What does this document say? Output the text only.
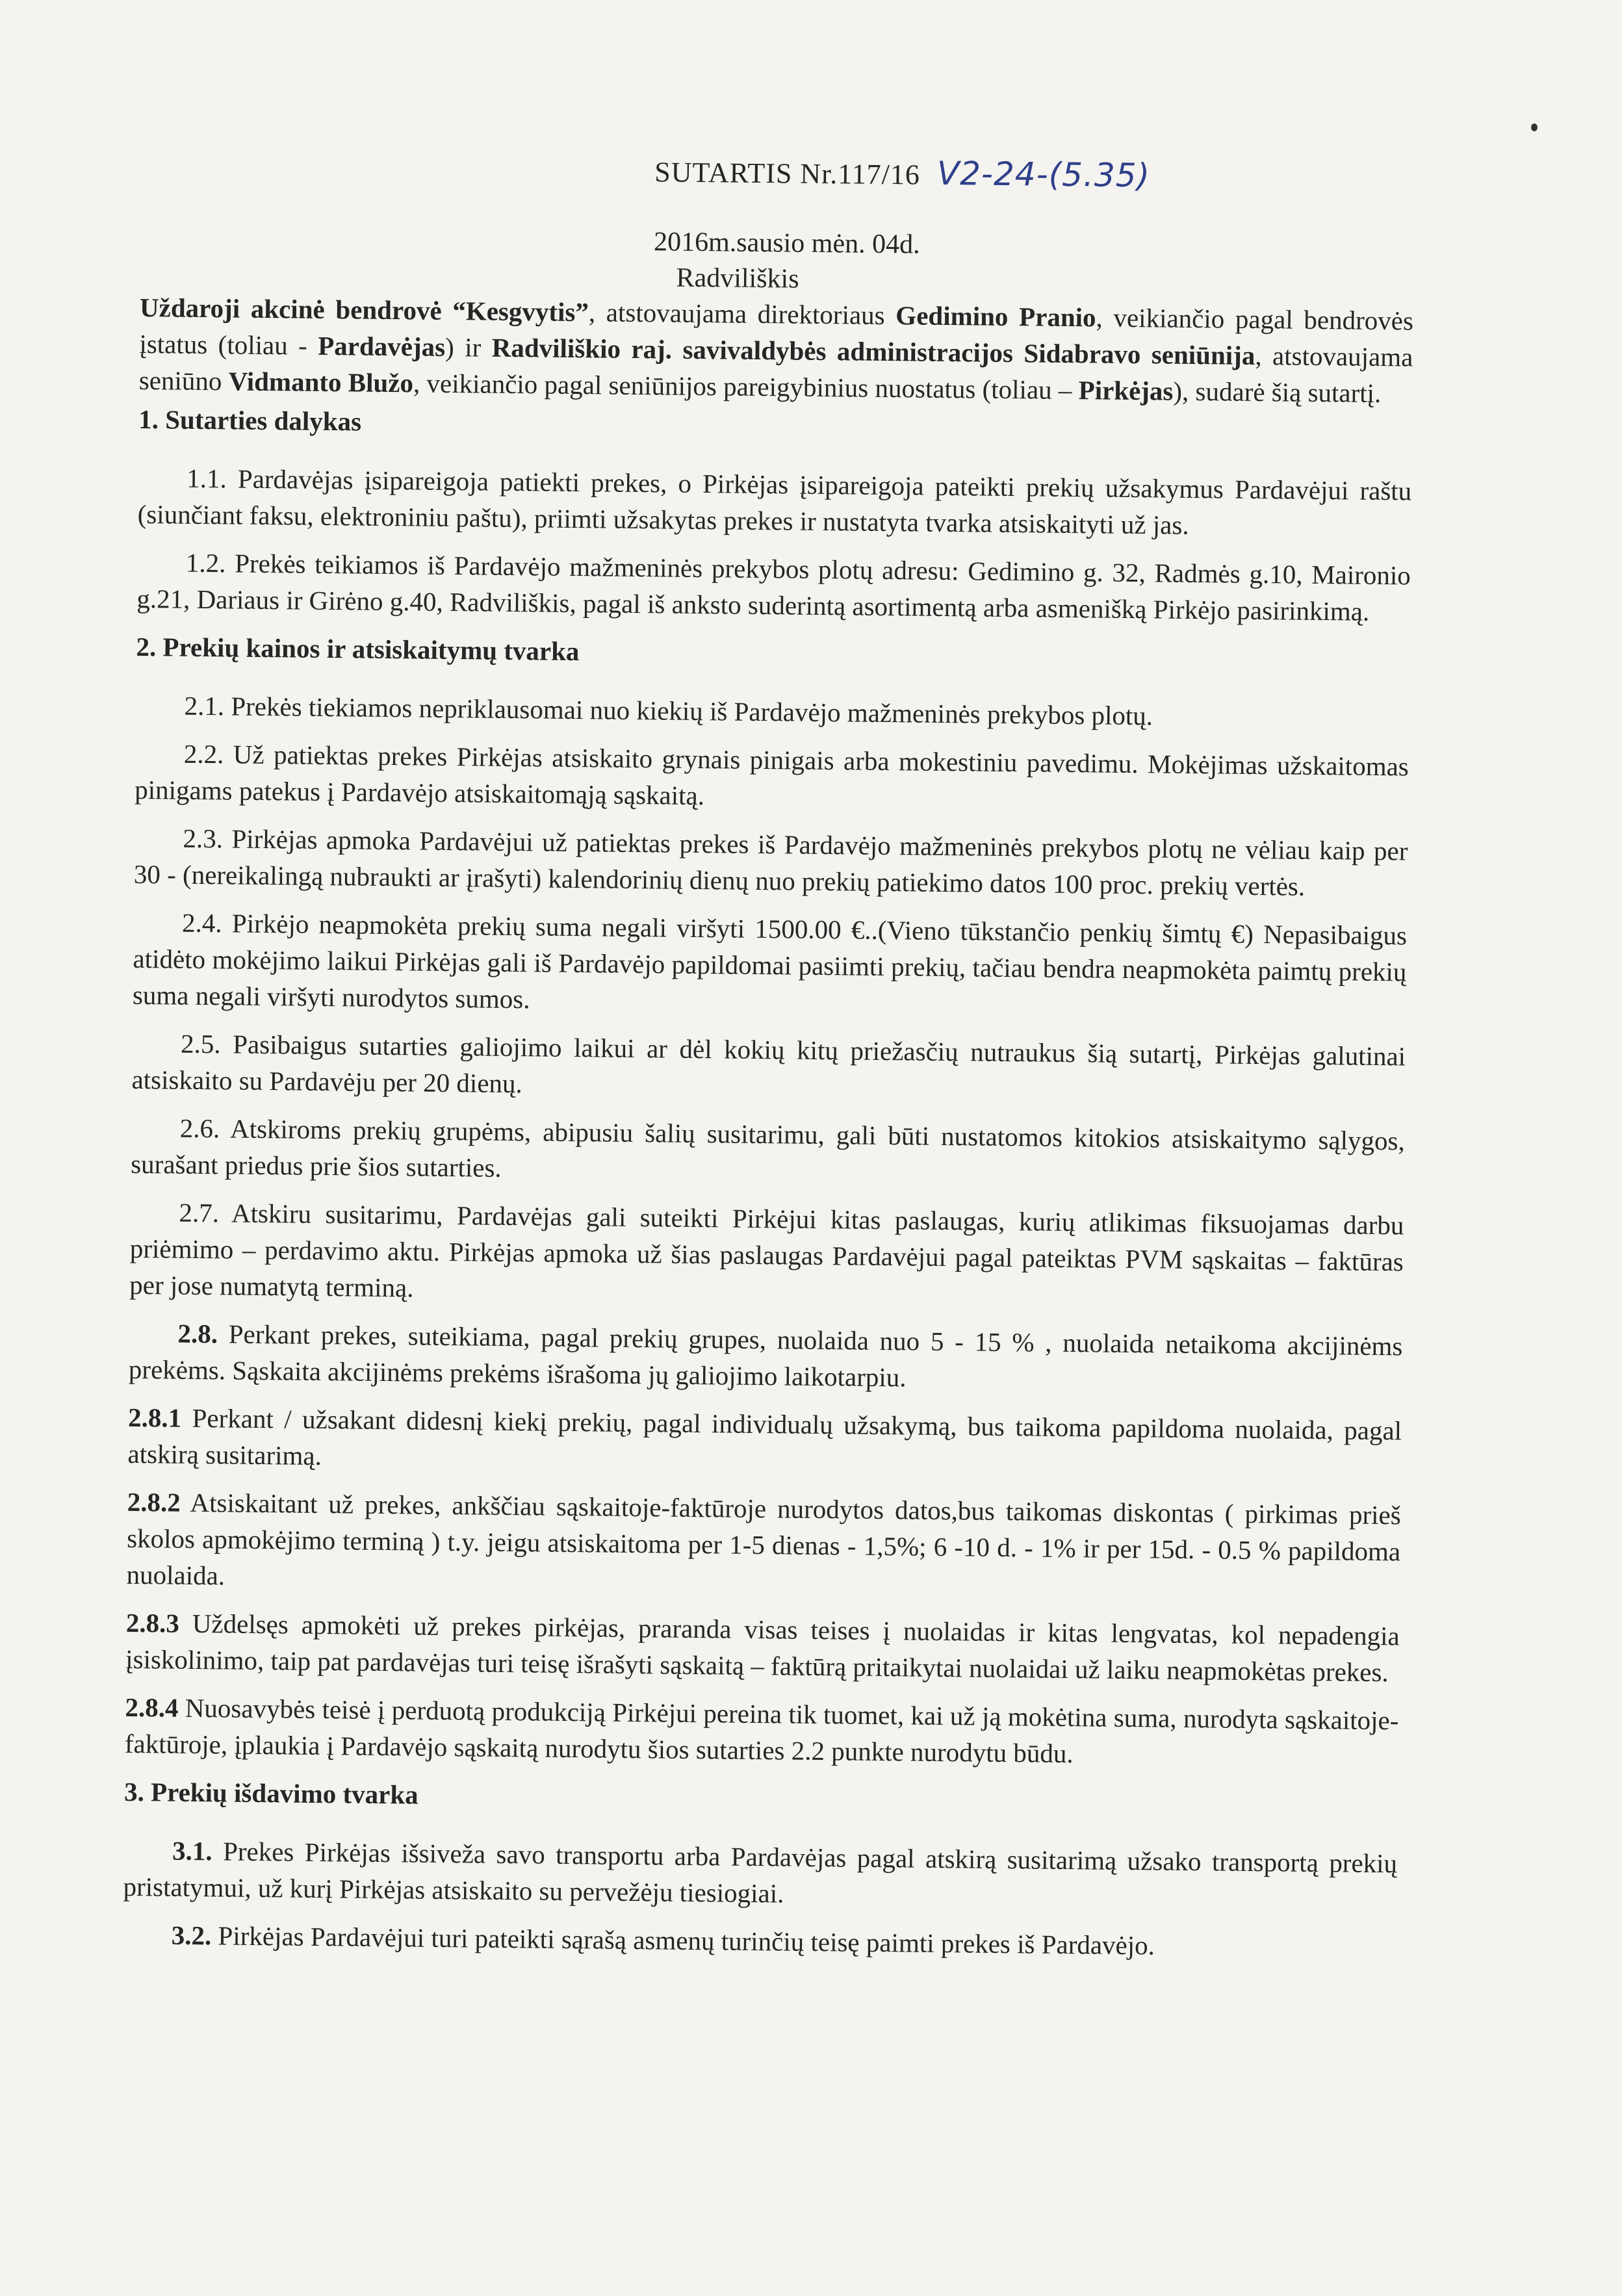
SUTARTIS Nr.117/16 V2-24-(5.35)
2016m.sausio mėn. 04d.
Radviliškis

Uždaroji akcinė bendrovė “Kesgvytis”, atstovaujama direktoriaus Gedimino Pranio, veikiančio pagal bendrovės įstatus (toliau - Pardavėjas) ir Radviliškio raj. savivaldybės administracijos Sidabravo seniūnija, atstovaujama seniūno Vidmanto Blužo, veikiančio pagal seniūnijos pareigybinius nuostatus (toliau – Pirkėjas), sudarė šią sutartį.

1. Sutarties dalykas

1.1. Pardavėjas įsipareigoja patiekti prekes, o Pirkėjas įsipareigoja pateikti prekių užsakymus Pardavėjui raštu (siunčiant faksu, elektroniniu paštu), priimti užsakytas prekes ir nustatyta tvarka atsiskaityti už jas.

1.2. Prekės teikiamos iš Pardavėjo mažmeninės prekybos plotų adresu: Gedimino g. 32, Radmės g.10, Maironio g.21, Dariaus ir Girėno g.40, Radviliškis, pagal iš anksto suderintą asortimentą arba asmenišką Pirkėjo pasirinkimą.

2. Prekių kainos ir atsiskaitymų tvarka

2.1. Prekės tiekiamos nepriklausomai nuo kiekių iš Pardavėjo mažmeninės prekybos plotų.

2.2. Už patiektas prekes Pirkėjas atsiskaito grynais pinigais arba mokestiniu pavedimu. Mokėjimas užskaitomas pinigams patekus į Pardavėjo atsiskaitomąją sąskaitą.

2.3. Pirkėjas apmoka Pardavėjui už patiektas prekes iš Pardavėjo mažmeninės prekybos plotų ne vėliau kaip per 30 - (nereikalingą nubraukti ar įrašyti) kalendorinių dienų nuo prekių patiekimo datos 100 proc. prekių vertės.

2.4. Pirkėjo neapmokėta prekių suma negali viršyti 1500.00 €..(Vieno tūkstančio penkių šimtų €) Nepasibaigus atidėto mokėjimo laikui Pirkėjas gali iš Pardavėjo papildomai pasiimti prekių, tačiau bendra neapmokėta paimtų prekių suma negali viršyti nurodytos sumos.

2.5. Pasibaigus sutarties galiojimo laikui ar dėl kokių kitų priežasčių nutraukus šią sutartį, Pirkėjas galutinai atsiskaito su Pardavėju per 20 dienų.

2.6. Atskiroms prekių grupėms, abipusiu šalių susitarimu, gali būti nustatomos kitokios atsiskaitymo sąlygos, surašant priedus prie šios sutarties.

2.7. Atskiru susitarimu, Pardavėjas gali suteikti Pirkėjui kitas paslaugas, kurių atlikimas fiksuojamas darbu priėmimo – perdavimo aktu. Pirkėjas apmoka už šias paslaugas Pardavėjui pagal pateiktas PVM sąskaitas – faktūras per jose numatytą terminą.

2.8. Perkant prekes, suteikiama, pagal prekių grupes, nuolaida nuo 5 - 15 % , nuolaida netaikoma akcijinėms prekėms. Sąskaita akcijinėms prekėms išrašoma jų galiojimo laikotarpiu.

2.8.1 Perkant / užsakant didesnį kiekį prekių, pagal individualų užsakymą, bus taikoma papildoma nuolaida, pagal atskirą susitarimą.

2.8.2 Atsiskaitant už prekes, ankščiau sąskaitoje-faktūroje nurodytos datos,bus taikomas diskontas ( pirkimas prieš skolos apmokėjimo terminą ) t.y. jeigu atsiskaitoma per 1-5 dienas - 1,5%; 6 -10 d. - 1% ir per 15d. - 0.5 % papildoma nuolaida.

2.8.3 Uždelsęs apmokėti už prekes pirkėjas, praranda visas teises į nuolaidas ir kitas lengvatas, kol nepadengia įsiskolinimo, taip pat pardavėjas turi teisę išrašyti sąskaitą – faktūrą pritaikytai nuolaidai už laiku neapmokėtas prekes.

2.8.4 Nuosavybės teisė į perduotą produkciją Pirkėjui pereina tik tuomet, kai už ją mokėtina suma, nurodyta sąskaitoje-faktūroje, įplaukia į Pardavėjo sąskaitą nurodytu šios sutarties 2.2 punkte nurodytu būdu.

3. Prekių išdavimo tvarka

3.1. Prekes Pirkėjas išsiveža savo transportu arba Pardavėjas pagal atskirą susitarimą užsako transportą prekių pristatymui, už kurį Pirkėjas atsiskaito su pervežėju tiesiogiai.

3.2. Pirkėjas Pardavėjui turi pateikti sąrašą asmenų turinčių teisę paimti prekes iš Pardavėjo.
